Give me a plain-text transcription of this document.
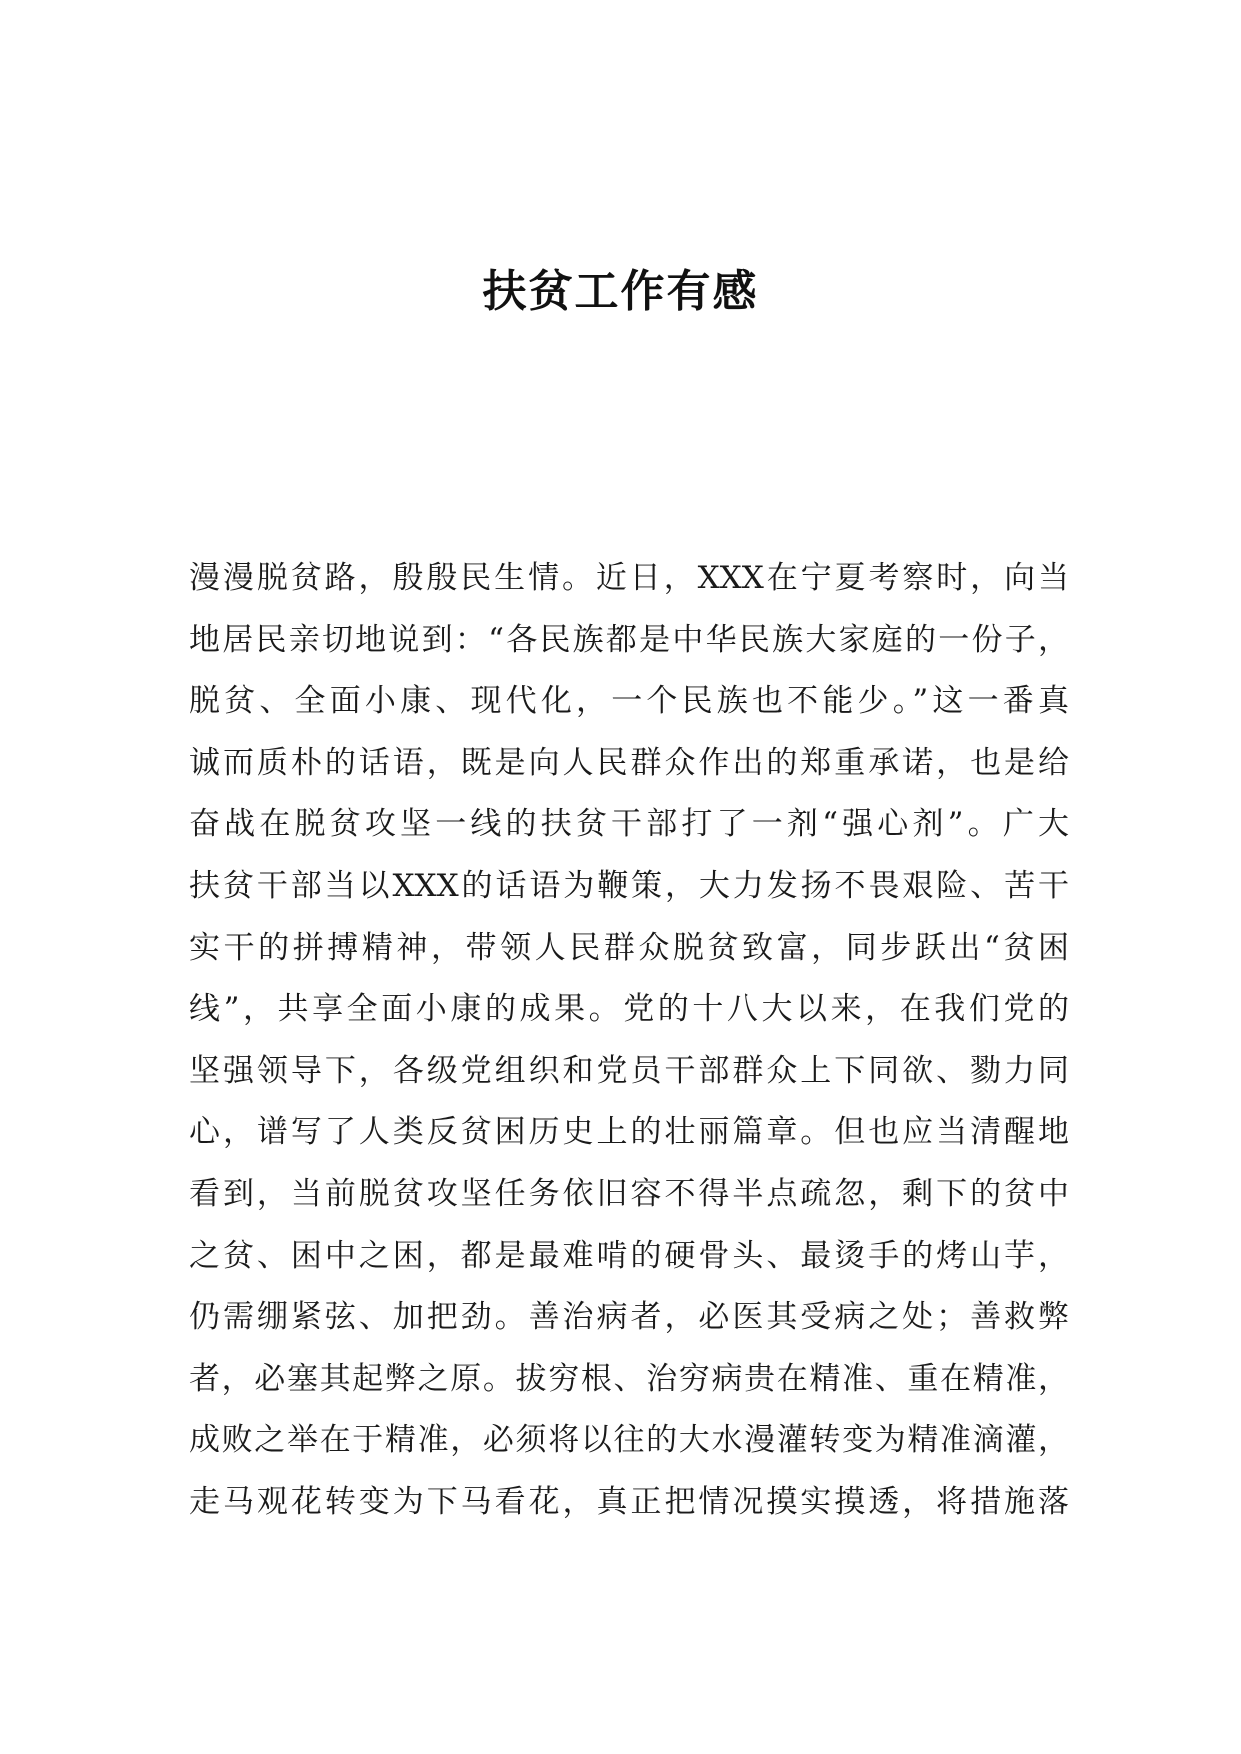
扶贫工作有感
漫漫脱贫路，殷殷民生情。近日，XXX在宁夏考察时，向当
地居民亲切地说到：“各民族都是中华民族大家庭的一份子，
脱贫、全面小康、现代化，一个民族也不能少。”这一番真
诚而质朴的话语，既是向人民群众作出的郑重承诺，也是给
奋战在脱贫攻坚一线的扶贫干部打了一剂“强心剂”。广大
扶贫干部当以XXX的话语为鞭策，大力发扬不畏艰险、苦干
实干的拼搏精神，带领人民群众脱贫致富，同步跃出“贫困
线”，共享全面小康的成果。党的十八大以来，在我们党的
坚强领导下，各级党组织和党员干部群众上下同欲、勠力同
心，谱写了人类反贫困历史上的壮丽篇章。但也应当清醒地
看到，当前脱贫攻坚任务依旧容不得半点疏忽，剩下的贫中
之贫、困中之困，都是最难啃的硬骨头、最烫手的烤山芋，
仍需绷紧弦、加把劲。善治病者，必医其受病之处；善救弊
者，必塞其起弊之原。拔穷根、治穷病贵在精准、重在精准，
成败之举在于精准，必须将以往的大水漫灌转变为精准滴灌，
走马观花转变为下马看花，真正把情况摸实摸透，将措施落
